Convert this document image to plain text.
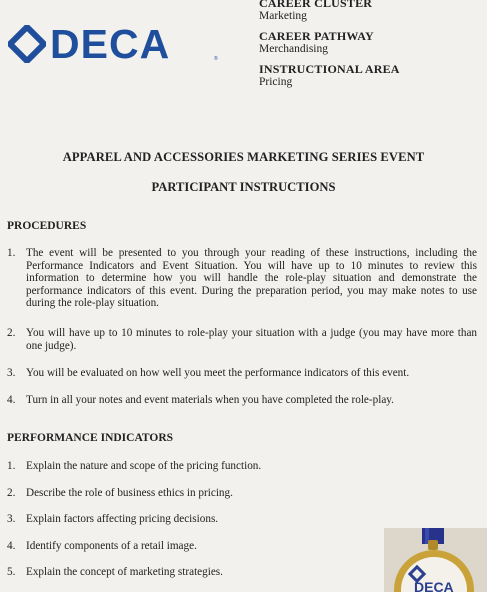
DECA	®
CAREER CLUSTER
Marketing
CAREER PATHWAY
Merchandising
INSTRUCTIONAL AREA
Pricing
APPAREL AND ACCESSORIES MARKETING SERIES EVENT
PARTICIPANT INSTRUCTIONS
PROCEDURES
1. The event will be presented to you through your reading of these instructions, including the Performance Indicators and Event Situation. You will have up to 10 minutes to review this information to determine how you will handle the role-play situation and demonstrate the performance indicators of this event. During the preparation period, you may make notes to use during the role-play situation.
2. You will have up to 10 minutes to role-play your situation with a judge (you may have more than one judge).
3. You will be evaluated on how well you meet the performance indicators of this event.
4. Turn in all your notes and event materials when you have completed the role-play.
PERFORMANCE INDICATORS
1. Explain the nature and scope of the pricing function.
2. Describe the role of business ethics in pricing.
3. Explain factors affecting pricing decisions.
4. Identify components of a retail image.
5. Explain the concept of marketing strategies.
DECA
